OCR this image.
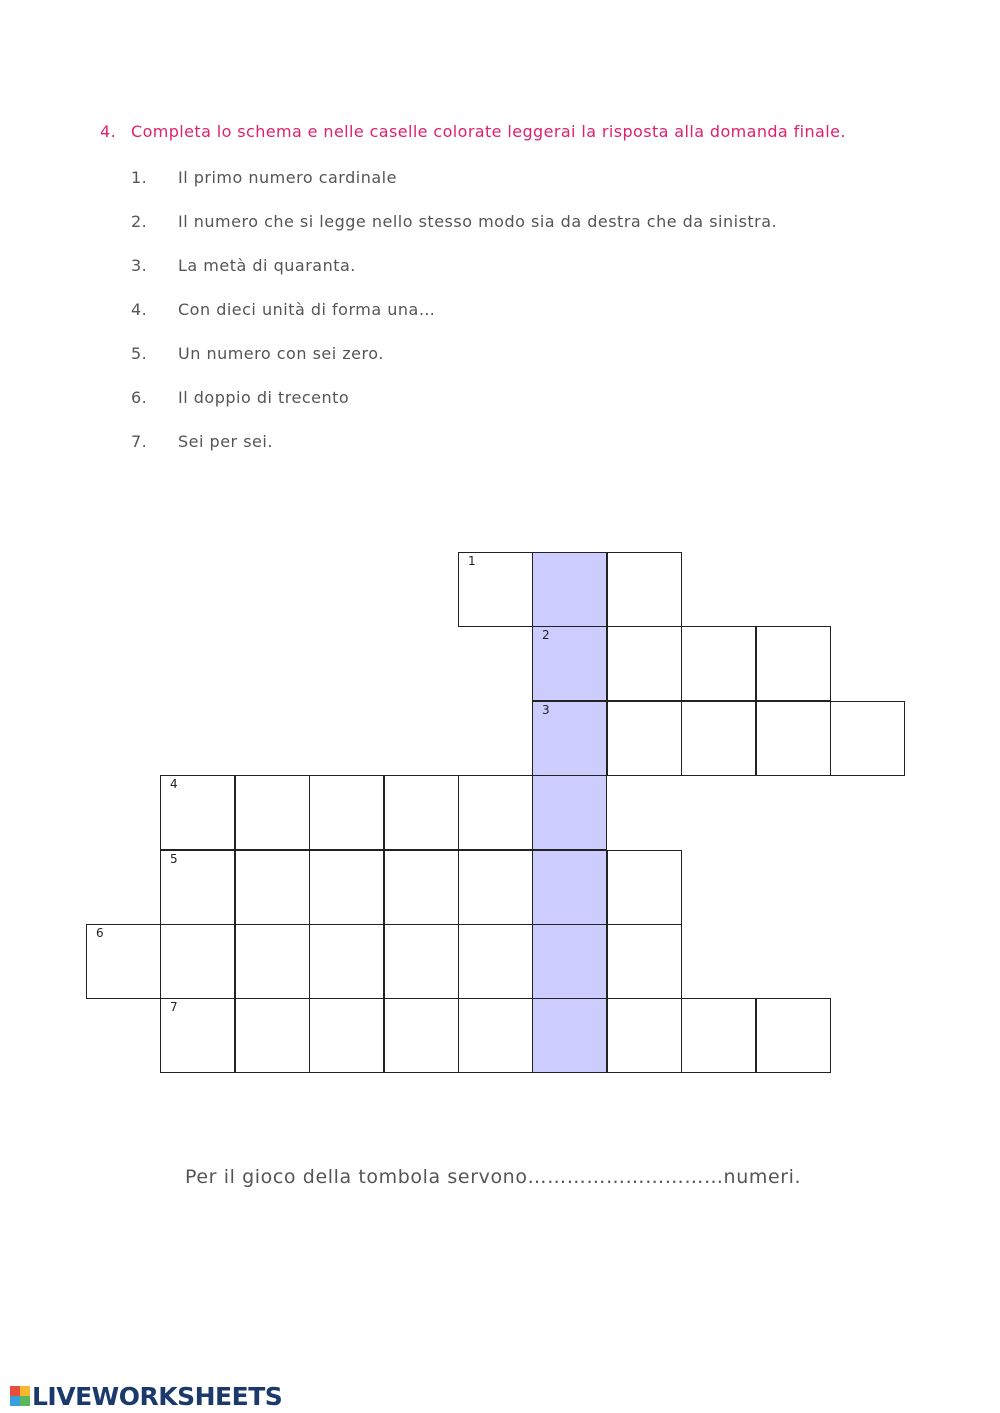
4. Completa lo schema e nelle caselle colorate leggerai la risposta alla domanda finale.
1. Il primo numero cardinale
2. Il numero che si legge nello stesso modo sia da destra che da sinistra.
3. La metà di quaranta.
4. Con dieci unità di forma una…
5. Un numero con sei zero.
6. Il doppio di trecento
7. Sei per sei.
1
2
3
4
5
6
7
Per il gioco della tombola servono…………………………numeri.
LIVEWORKSHEETS
